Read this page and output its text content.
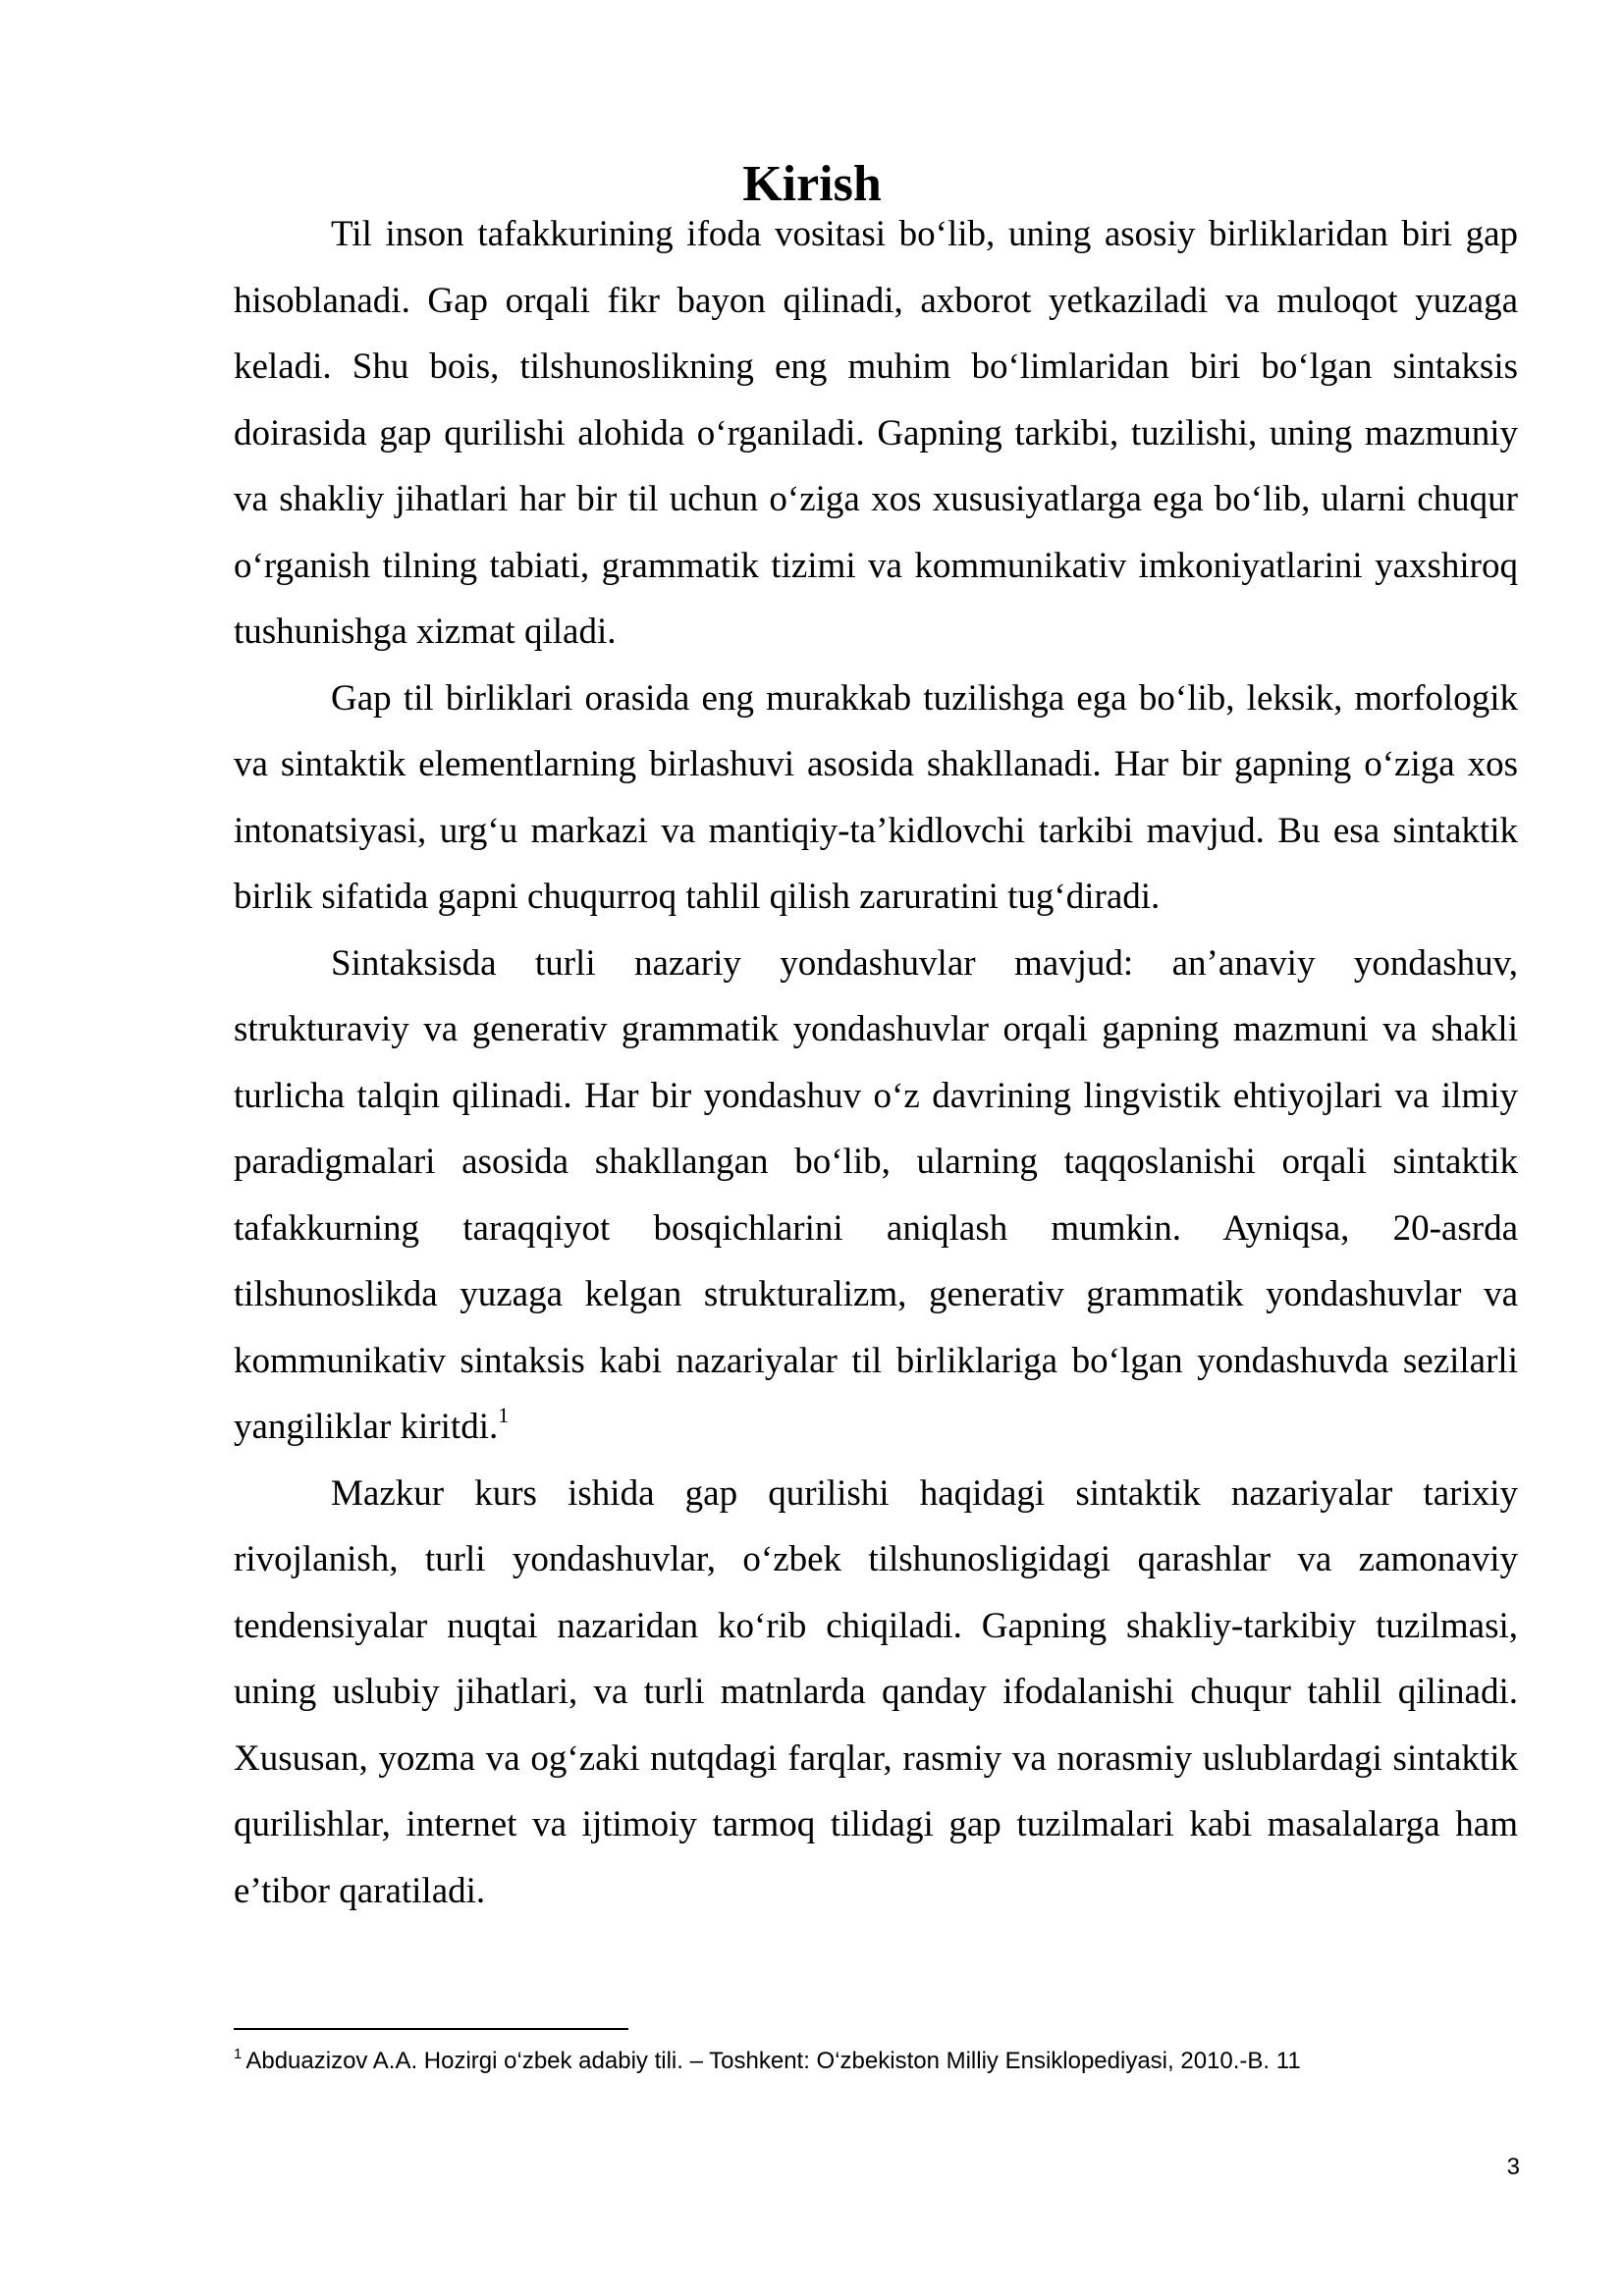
Kirish

Til inson tafakkurining ifoda vositasi bo‘lib, uning asosiy birliklaridan biri gap hisoblanadi. Gap orqali fikr bayon qilinadi, axborot yetkaziladi va muloqot yuzaga keladi. Shu bois, tilshunoslikning eng muhim bo‘limlaridan biri bo‘lgan sintaksis doirasida gap qurilishi alohida o‘rganiladi. Gapning tarkibi, tuzilishi, uning mazmuniy va shakliy jihatlari har bir til uchun o‘ziga xos xususiyatlarga ega bo‘lib, ularni chuqur o‘rganish tilning tabiati, grammatik tizimi va kommunikativ imkoniyatlarini yaxshiroq tushunishga xizmat qiladi.

Gap til birliklari orasida eng murakkab tuzilishga ega bo‘lib, leksik, morfologik va sintaktik elementlarning birlashuvi asosida shakllanadi. Har bir gapning o‘ziga xos intonatsiyasi, urg‘u markazi va mantiqiy-ta’kidlovchi tarkibi mavjud. Bu esa sintaktik birlik sifatida gapni chuqurroq tahlil qilish zaruratini tug‘diradi.

Sintaksisda turli nazariy yondashuvlar mavjud: an’anaviy yondashuv, strukturaviy va generativ grammatik yondashuvlar orqali gapning mazmuni va shakli turlicha talqin qilinadi. Har bir yondashuv o‘z davrining lingvistik ehtiyojlari va ilmiy paradigmalari asosida shakllangan bo‘lib, ularning taqqoslanishi orqali sintaktik tafakkurning taraqqiyot bosqichlarini aniqlash mumkin. Ayniqsa, 20-asrda tilshunoslikda yuzaga kelgan strukturalizm, generativ grammatik yondashuvlar va kommunikativ sintaksis kabi nazariyalar til birliklariga bo‘lgan yondashuvda sezilarli yangiliklar kiritdi.$^1$

Mazkur kurs ishida gap qurilishi haqidagi sintaktik nazariyalar tarixiy rivojlanish, turli yondashuvlar, o‘zbek tilshunosligidagi qarashlar va zamonaviy tendensiyalar nuqtai nazaridan ko‘rib chiqiladi. Gapning shakliy-tarkibiy tuzilmasi, uning uslubiy jihatlari, va turli matnlarda qanday ifodalanishi chuqur tahlil qilinadi. Xususan, yozma va og‘zaki nutqdagi farqlar, rasmiy va norasmiy uslublardagi sintaktik qurilishlar, internet va ijtimoiy tarmoq tilidagi gap tuzilmalari kabi masalalarga ham e’tibor qaratiladi.

$^1$ Abduazizov A.A. Hozirgi o‘zbek adabiy tili. – Toshkent: O‘zbekiston Milliy Ensiklopediyasi, 2010.-B. 11
3
